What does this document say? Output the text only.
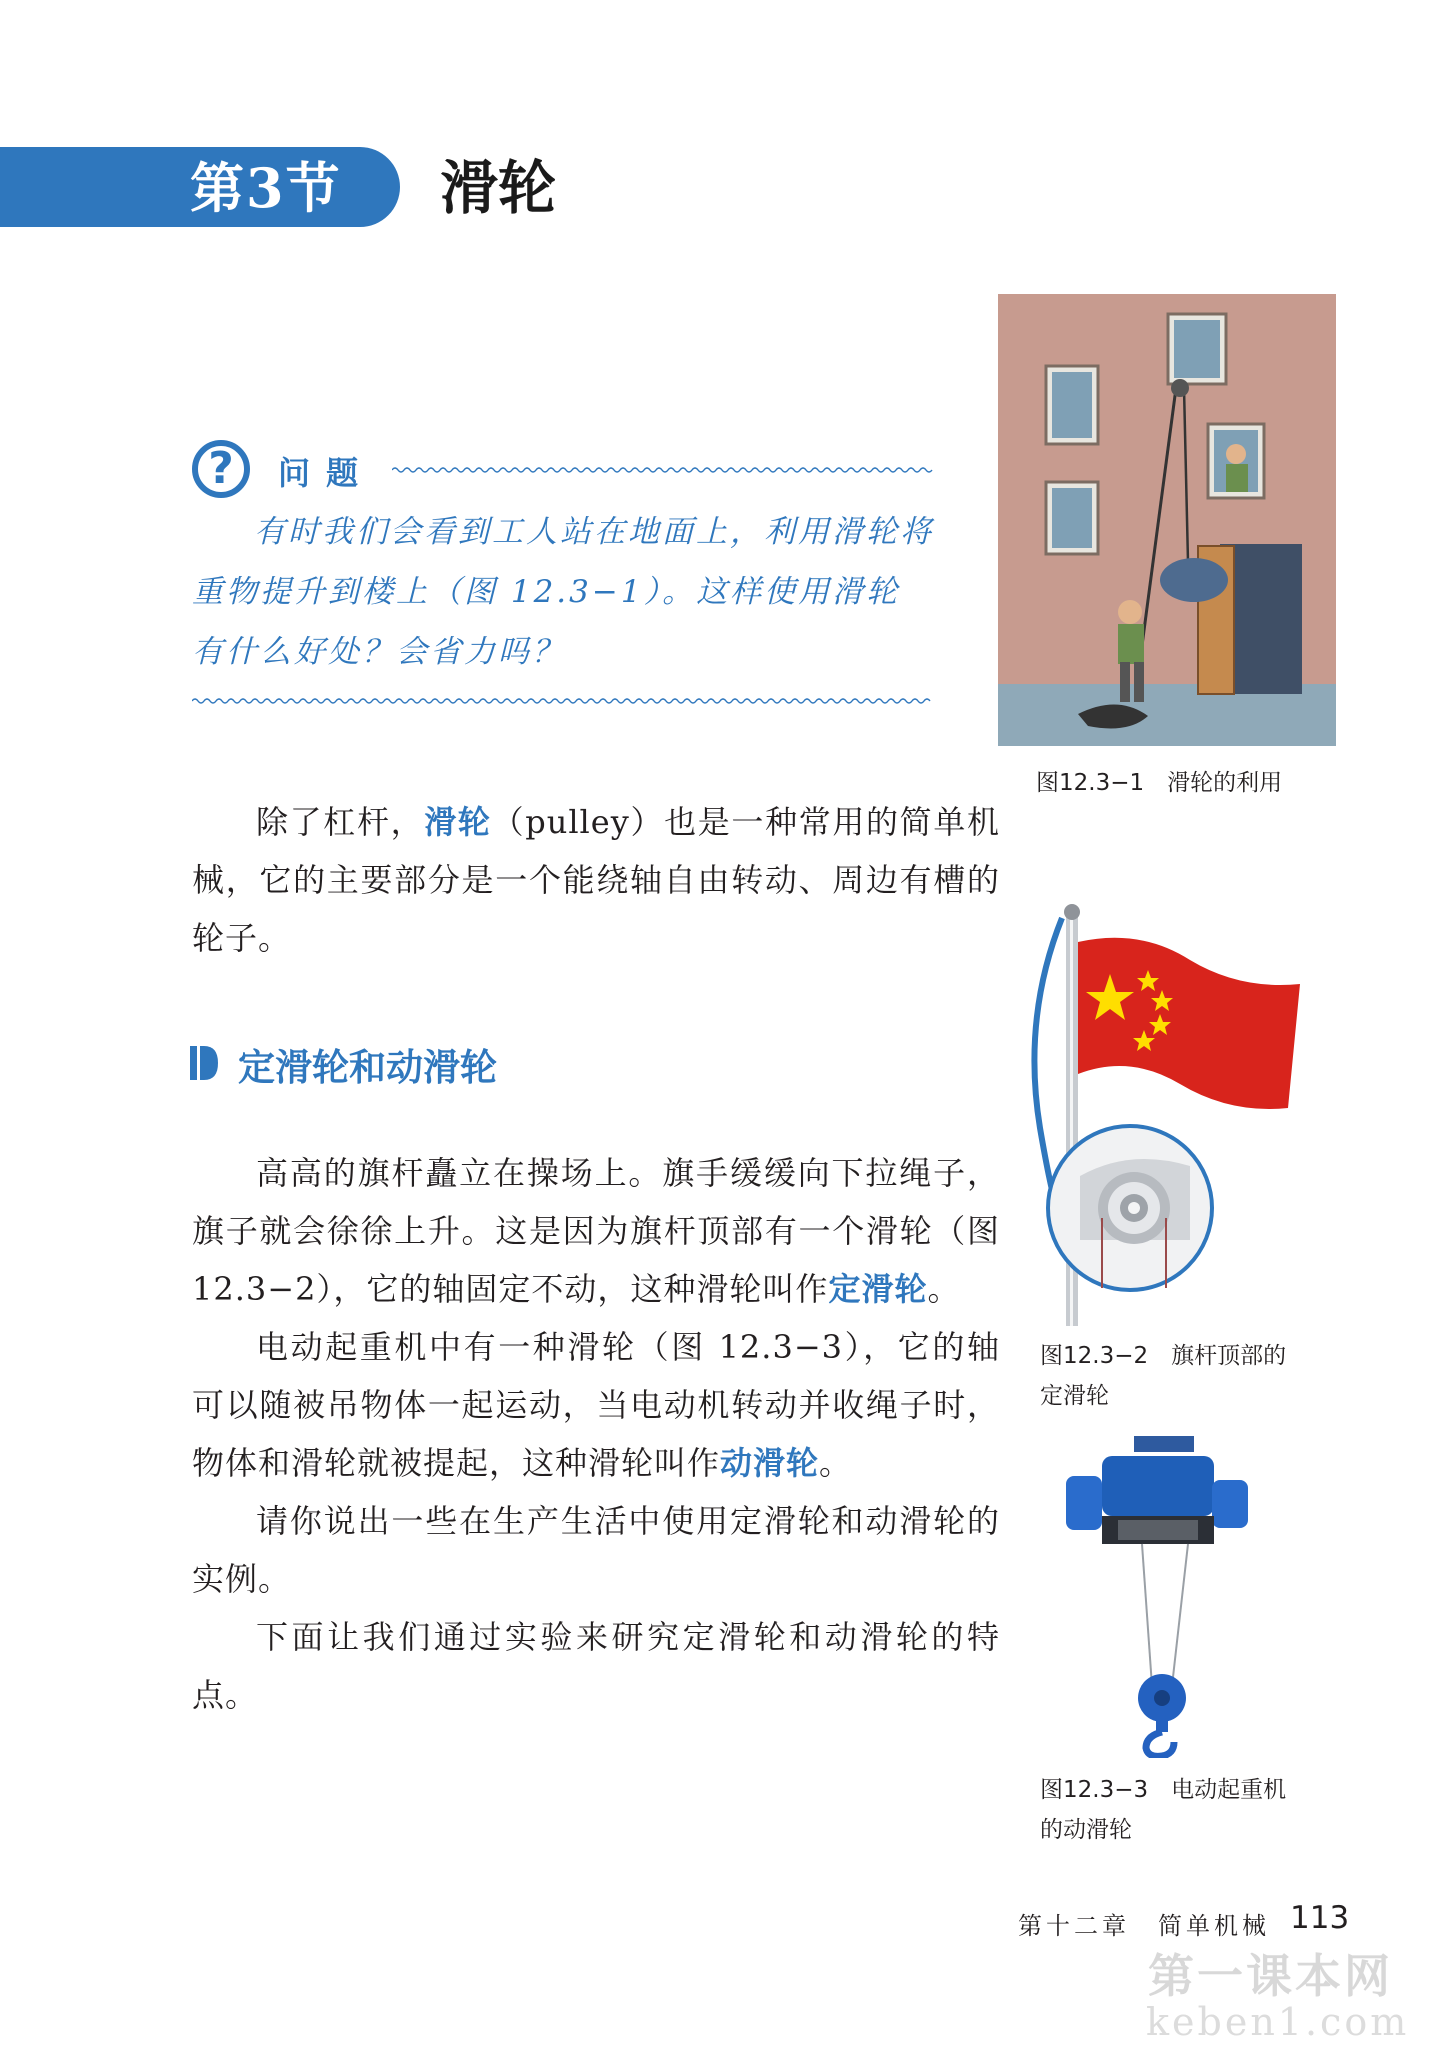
第3节 滑轮
?	问题
有时我们会看到工人站在地面上，利用滑轮将重物提升到楼上（图 12.3−1）。这样使用滑轮有什么好处？会省力吗？
除了杠杆，滑轮（pulley）也是一种常用的简单机械，它的主要部分是一个能绕轴自由转动、周边有槽的轮子。
定滑轮和动滑轮
高高的旗杆矗立在操场上。旗手缓缓向下拉绳子，旗子就会徐徐上升。这是因为旗杆顶部有一个滑轮（图 12.3−2），它的轴固定不动，这种滑轮叫作定滑轮。
电动起重机中有一种滑轮（图 12.3−3），它的轴可以随被吊物体一起运动，当电动机转动并收绳子时，物体和滑轮就被提起，这种滑轮叫作动滑轮。
请你说出一些在生产生活中使用定滑轮和动滑轮的实例。
下面让我们通过实验来研究定滑轮和动滑轮的特点。
图12.3−1　滑轮的利用
图12.3−2　旗杆顶部的
定滑轮
图12.3−3　电动起重机
的动滑轮
第十二章　简单机械 113
第一课本网
keben1.com
